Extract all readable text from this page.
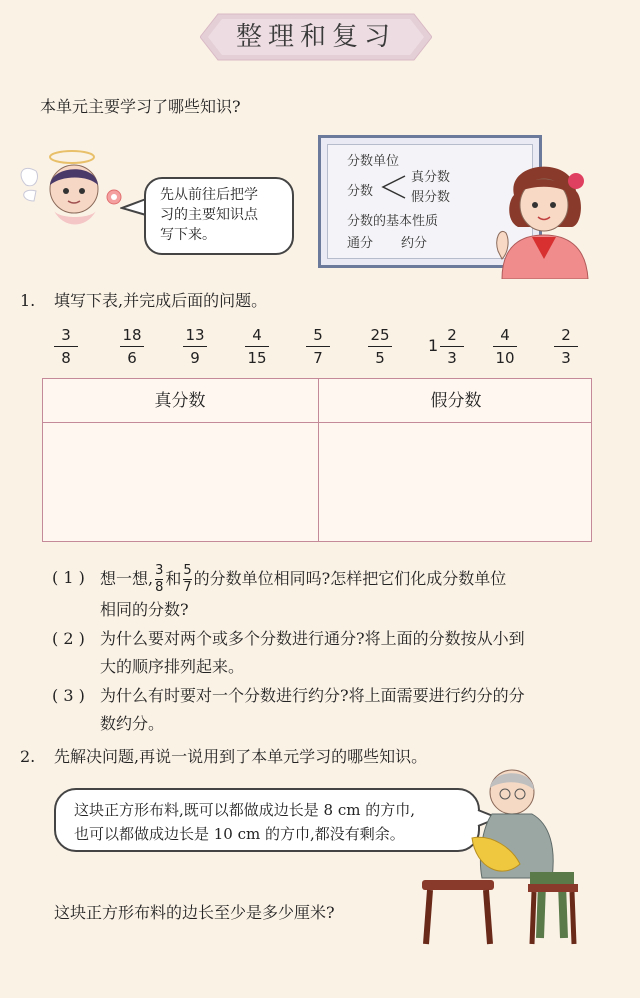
整理和复习
本单元主要学习了哪些知识?
先从前往后把学
习的主要知识点
写下来。
分数单位
分数
真分数
假分数
分数的基本性质
通分 约分
1. 填写下表,并完成后面的问题。
3
8
18
6
13
9
4
15
5
7
25
5
1
2
3
4
10
2
3
真分数	假分数
( 1 ) 想一想, $\frac{3}{8}$ 和 $\frac{5}{7}$ 的分数单位相同吗?怎样把它们化成分数单位
相同的分数?
( 2 ) 为什么要对两个或多个分数进行通分?将上面的分数按从小到
大的顺序排列起来。
( 3 ) 为什么有时要对一个分数进行约分?将上面需要进行约分的分
数约分。
2. 先解决问题,再说一说用到了本单元学习的哪些知识。
这块正方形布料,既可以都做成边长是 8 cm 的方巾,
也可以都做成边长是 10 cm 的方巾,都没有剩余。
这块正方形布料的边长至少是多少厘米?
